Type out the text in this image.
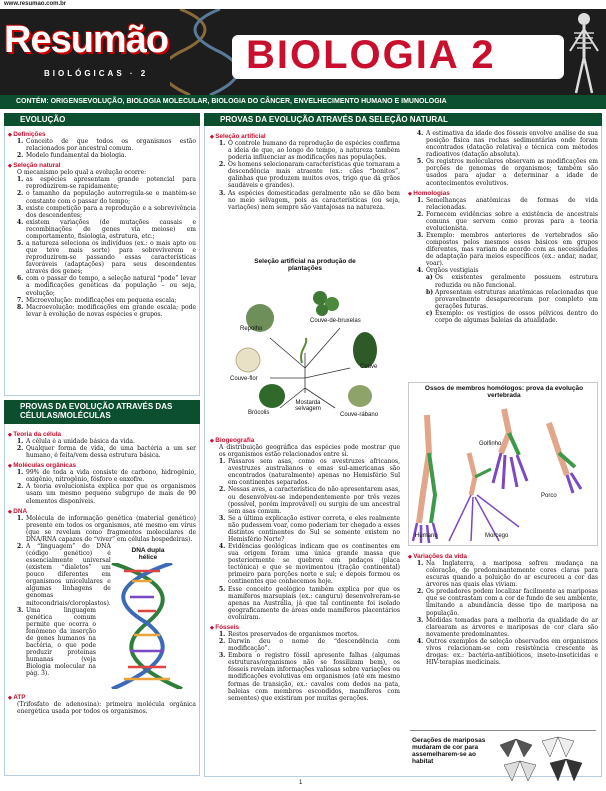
www.resumao.com.br
Resumão
BIOLÓGICAS · 2 BIOLOGIA 2
CONTÉM: ORIGENSEVOLUÇÃO, BIOLOGIA MOLECULAR, BIOLOGIA DO CÂNCER, ENVELHECIMENTO HUMANO E IMUNOLOGIA
EVOLUÇÃO
◆ Definições
1. Conceito de que todos os organismos estão relacionados por ancestral comum.
2. Modelo fundamental da biologia.
◆ Seleção natural
O mecanismo pelo qual a evolução ocorre:
1. as espécies apresentam grande potencial para reproduzirem-se rapidamente;
2. o tamanho da população autorregula-se e mantém-se constante com o passar do tempo;
3. existe competição para a reprodução e a sobrevivência dos descendentes;
4. existem variações (de mutações causais e recombinações de genes via meiose) em comportamento, fisiologia, estrutura, etc.;
5. a natureza seleciona os indivíduos (ex.: o mais apto ou que teve mais sorte) para sobreviverem e reproduzirem-se passando essas características favoráveis (adaptações) para seus descendentes através dos genes;
6. com o passar do tempo, a seleção natural “pode” levar a modificações genéticas da população – ou seja, evolução;
7. Microevolução: modificações em pequena escala;
8. Macroevolução: modificações em grande escala; pode levar à evolução de novas espécies e grupos.
PROVAS DA EVOLUÇÃO ATRAVÉS DAS CÉLULAS/MOLÉCULAS
◆ Teoria da célula
1. A célula é a unidade básica da vida.
2. Qualquer forma de vida, de uma bactéria a um ser humano, é feita/vem dessa estrutura básica.
◆ Moléculas orgânicas
1. 99% de toda a vida consiste de carbono, hidrogênio, oxigênio, nitrogênio, fósforo e enxofre.
2. A teoria evolucionista explica por que os organismos usam um mesmo pequeno subgrupo de mais de 90 elementos disponíveis.
◆ DNA
1. Molécula de informação genética (material genético) presente em todos os organismos, até mesmo em vírus (que se revelam como fragmentos moleculares de DNA/RNA capazes de “viver” em células hospedeiras).
2. A “linguagem” do DNA (código genético) é essencialmente universal (existem “dialetos” um pouco diferentes em organismos unicelulares e algumas linhagens de genomas mitocondriais/cloroplastos).
3. Uma linguagem genética comum permite que ocorra o fenômeno da inserção de genes humanos na bactéria, o que pode produzir proteínas humanas (veja Biologia molecular na pág. 3).
DNA dupla hélice
◆ ATP
(Trifosfato de adenosina): primeira molécula orgânica energética usada por todos os organismos.
PROVAS DA EVOLUÇÃO ATRAVÉS DA SELEÇÃO NATURAL
◆ Seleção artificial
1. O controle humano da reprodução de espécies confirma a ideia de que, ao longo do tempo, a natureza também poderia influenciar as modificações nas populações.
2. Os homens selecionaram características que tornaram a descendência mais atraente (ex.: cães “bonitos”, galinhas que produzem muitos ovos, trigo que dá grãos saudáveis e grandes).
3. As espécies domesticadas geralmente não se dão bem no meio selvagem, pois as características (ou seja, variações) nem sempre são vantajosas na natureza.
Seleção artificial na produção de plantações
Repolho
Couve-de-bruxelas
Couve-flor
Couve
Brócolis
Mostarda selvagem
Couve-rábano
◆ Biogeografia
A distribuição geográfica das espécies pode mostrar que os organismos estão relacionados entre si.
1. Pássaros sem asas, como os avestruzes africanos, avestruzes australianos e emas sul-americanas são encontrados (naturalmente) apenas no Hemisfério Sul em continentes separados.
2. Nessas aves, a característica de não apresentarem asas, ou desenvolveu-se independentemente por três vezes (possível, porém improvável) ou surgiu de um ancestral sem asas comum.
3. Se a última explicação estiver correta, e eles realmente não pudessem voar, como poderiam ter chegado a esses distintos continentes do Sul se somente existem no Hemisfério Norte?
4. Evidências geológicas indicam que os continentes em sua origem foram uma única grande massa que posteriormente se quebrou em pedaços (placa tectônica) e que se movimentou (tração continental) primeiro para porções norte e sul; e depois formou os continentes que conhecemos hoje.
5. Esse conceito geológico também explica por que os mamíferos marsupiais (ex.: canguru) desenvolveram-se apenas na Austrália, já que tal continente foi isolado geograficamente de áreas onde mamíferos placentários evoluíram.
◆ Fósseis
1. Restos preservados de organismos mortos.
2. Darwin deu o nome de “descendência com modificação”.
3. Embora o registro fóssil apresente falhas (algumas estruturas/organismos não se fossilizam bem), os fósseis revelam informações valiosas sobre variações ou modificações evolutivas em organismos (até em mesmo formas de transição, ex.: cavalos com dedos na pata, baleias com membros escondidos, mamíferos com sementes) que existiram por muitas gerações.
4. A estimativa da idade dos fósseis envolve análise de sua posição física nas rochas sedimentárias onde foram encontrados (datação relativa) e técnica com métodos radioativos (datação absoluta).
5. Os registros moleculares observam as modificações em porções de genomas de organismos; também são usados para ajudar a determinar a idade de acontecimentos evolutivos.
◆ Homologias
1. Semelhanças anatômicas de formas de vida relacionadas.
2. Fornecem evidências sobre a existência de ancestrais comuns que servem como provas para a teoria evolucionista.
3. Exemplo: membros anteriores de vertebrados são compostos pelos mesmos ossos básicos em grupos diferentes, mas variam de acordo com as necessidades de adaptação para meios específicos (ex.: andar, nadar, voar).
4. Órgãos vestigiais
a) Os existentes geralmente possuem estrutura reduzida ou não funcional.
b) Apresentam estruturas anatômicas relacionadas que provavelmente desapareceram por completo em gerações futuras.
c) Exemplo: os vestígios de ossos pélvicos dentro do corpo de algumas baleias da atualidade.
Ossos de membros homólogos: prova da evolução vertebrada
Golfinho
Porco
Humano	Morcego
◆ Variações da vida
1. Na Inglaterra, a mariposa sofreu mudança na coloração, de predominantemente cores claras para escuras quando a poluição do ar escureceu a cor das árvores nas quais elas viviam.
2. Os predadores podem localizar facilmente as mariposas que se contrastam com a cor de fundo de seu ambiente, limitando a abundância desse tipo de mariposa na população.
3. Medidas tomadas para a melhoria da qualidade do ar clarearam as árvores e mariposas de cor clara são novamente predominantes.
4. Outros exemplos de seleção observados em organismos vivos relacionam-se com resistência crescente às drogas: ex.: bactéria-antibióticos, inseto-inseticidas e HIV-terapias medicinais.
Gerações de mariposas mudaram de cor para assemelharem-se ao habitat
1
